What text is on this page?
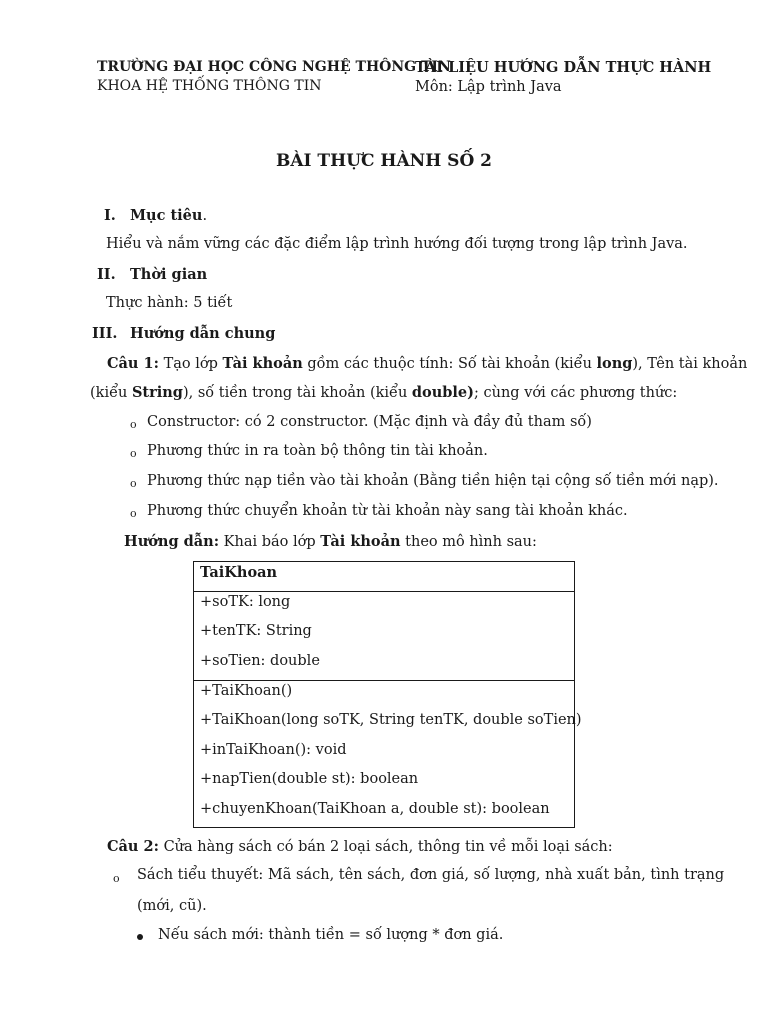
TRƯỜNG ĐẠI HỌC CÔNG NGHỆ THÔNG TIN
KHOA HỆ THỐNG THÔNG TIN
TÀI LIỆU HƯỚNG DẪN THỰC HÀNH
Môn: Lập trình Java
BÀI THỰC HÀNH SỐ 2
I. Mục tiêu.
Hiểu và nắm vững các đặc điểm lập trình hướng đối tượng trong lập trình Java.
II. Thời gian
Thực hành: 5 tiết
III. Hướng dẫn chung
Câu 1: Tạo lớp Tài khoản gồm các thuộc tính: Số tài khoản (kiểu long), Tên tài khoản
(kiểu String), số tiền trong tài khoản (kiểu double); cùng với các phương thức:
o Constructor: có 2 constructor. (Mặc định và đầy đủ tham số)
o Phương thức in ra toàn bộ thông tin tài khoản.
o Phương thức nạp tiền vào tài khoản (Bằng tiền hiện tại cộng số tiền mới nạp).
o Phương thức chuyển khoản từ tài khoản này sang tài khoản khác.
Hướng dẫn: Khai báo lớp Tài khoản theo mô hình sau:
TaiKhoan
+soTK: long
+tenTK: String
+soTien: double
+TaiKhoan()
+TaiKhoan(long soTK, String tenTK, double soTien)
+inTaiKhoan(): void
+napTien(double st): boolean
+chuyenKhoan(TaiKhoan a, double st): boolean
Câu 2: Cửa hàng sách có bán 2 loại sách, thông tin về mỗi loại sách:
o Sách tiểu thuyết: Mã sách, tên sách, đơn giá, số lượng, nhà xuất bản, tình trạng
(mới, cũ).
Nếu sách mới: thành tiền = số lượng * đơn giá.
